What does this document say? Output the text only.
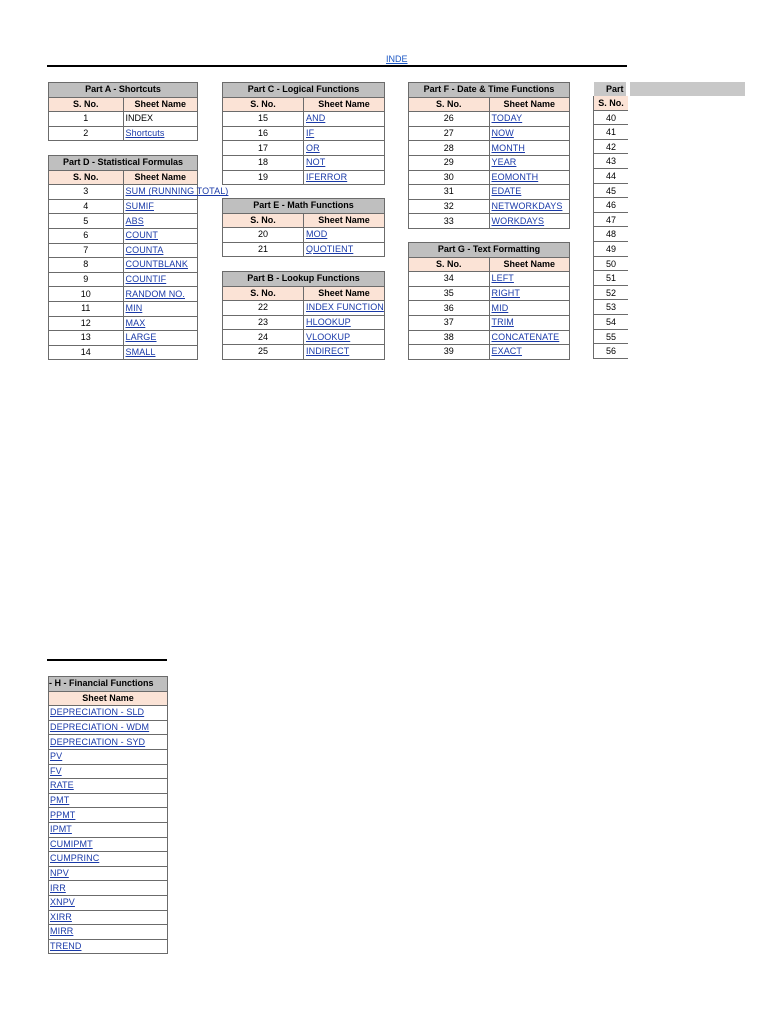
INDE
Part A - Shortcuts	
S. No.	Sheet Name
1	INDEX
2	Shortcuts
Part D - Statistical Formulas	
S. No.	Sheet Name
3	SUM (RUNNING TOTAL)
4	SUMIF
5	ABS
6	COUNT
7	COUNTA
8	COUNTBLANK
9	COUNTIF
10	RANDOM NO.
11	MIN
12	MAX
13	LARGE
14	SMALL
Part C - Logical Functions	
S. No.	Sheet Name
15	AND
16	IF
17	OR
18	NOT
19	IFERROR
Part E - Math Functions	
S. No.	Sheet Name
20	MOD
21	QUOTIENT
Part B - Lookup Functions	
S. No.	Sheet Name
22	INDEX FUNCTION
23	HLOOKUP
24	VLOOKUP
25	INDIRECT
Part F - Date & Time Functions	
S. No.	Sheet Name
26	TODAY
27	NOW
28	MONTH
29	YEAR
30	EOMONTH
31	EDATE
32	NETWORKDAYS
33	WORKDAYS
Part G - Text Formatting	
S. No.	Sheet Name
34	LEFT
35	RIGHT
36	MID
37	TRIM
38	CONCATENATE
39	EXACT
Part
S. No.
40
41
42
43
44
45
46
47
48
49
50
51
52
53
54
55
56
- H - Financial Functions
Sheet Name
DEPRECIATION - SLD
DEPRECIATION - WDM
DEPRECIATION - SYD
PV
FV
RATE
PMT
PPMT
IPMT
CUMIPMT
CUMPRINC
NPV
IRR
XNPV
XIRR
MIRR
TREND
